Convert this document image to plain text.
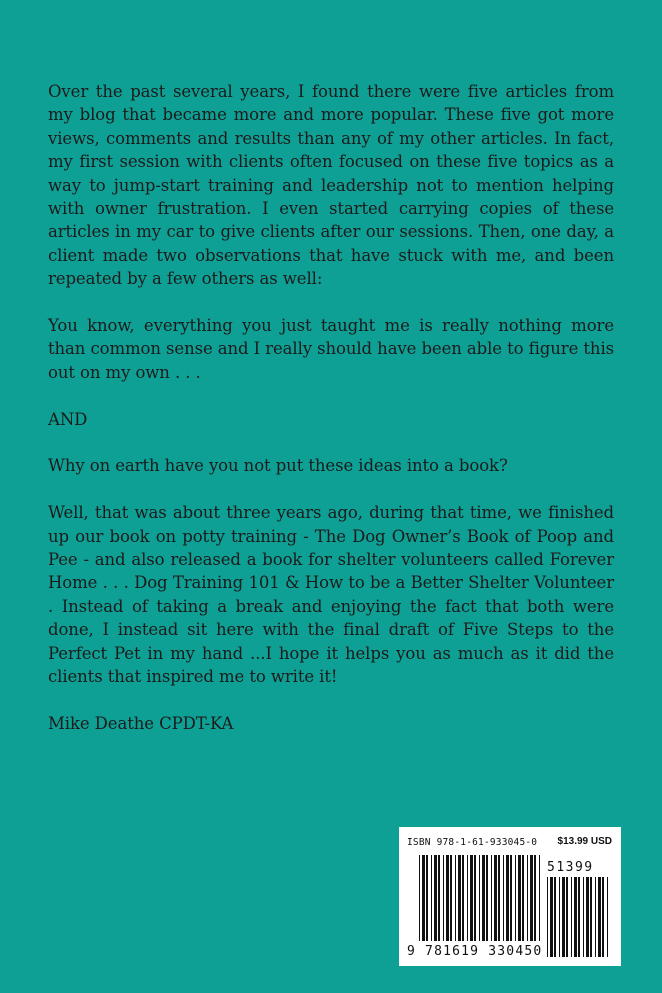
Over the past several years, I found there were five articles from my blog that became more and more popular. These five got more views, comments and results than any of my other articles. In fact, my first session with clients often focused on these five topics as a way to jump-start training and leadership not to mention helping with owner frustration. I even started carrying copies of these articles in my car to give clients after our sessions. Then, one day, a client made two observations that have stuck with me, and been repeated by a few others as well:

You know, everything you just taught me is really nothing more than common sense and I really should have been able to figure this out on my own . . .

AND

Why on earth have you not put these ideas into a book?

Well, that was about three years ago, during that time, we finished up our book on potty training - The Dog Owner’s Book of Poop and Pee - and also released a book for shelter volunteers called Forever Home . . . Dog Training 101 & How to be a Better Shelter Volunteer . Instead of taking a break and enjoying the fact that both were done, I instead sit here with the final draft of Five Steps to the Perfect Pet in my hand ...I hope it helps you as much as it did the clients that inspired me to write it!

Mike Deathe CPDT-KA

ISBN 978-1-61-933045-0 $13.99 USD
51399
9 781619 330450
